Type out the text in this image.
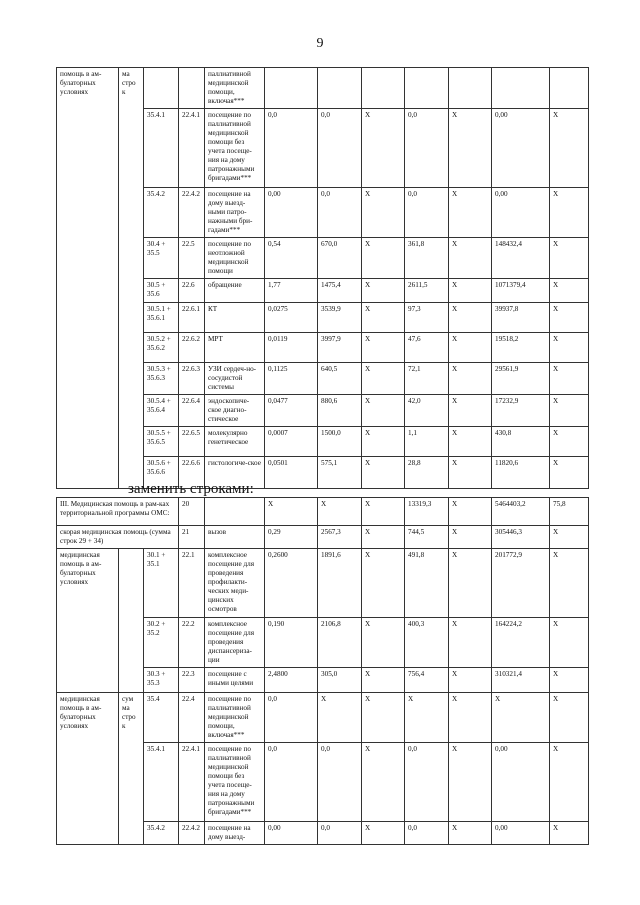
9
помощь в ам-булаторных условиях	ма стро к			паллиативной медицинской помощи, включая***							
		35.4.1	22.4.1	посещение по паллиативной медицинской помощи без учета посеще-ния на дому патронажными бригадами***	0,0	0,0	X	0,0	X	0,00	X
		35.4.2	22.4.2	посещение на дому выезд-ными патро-нажными бри-гадами***	0,00	0,0	X	0,0	X	0,00	X
		30.4 + 35.5	22.5	посещение по неотложной медицинской помощи	0,54	670,0	X	361,8	X	148432,4	X
		30.5 + 35.6	22.6	обращение	1,77	1475,4	X	2611,5	X	1071379,4	X
		30.5.1 + 35.6.1	22.6.1	КТ	0,0275	3539,9	X	97,3	X	39937,8	X
		30.5.2 + 35.6.2	22.6.2	МРТ	0,0119	3997,9	X	47,6	X	19518,2	X
		30.5.3 + 35.6.3	22.6.3	УЗИ сердеч-но-сосудистой системы	0,1125	640,5	X	72,1	X	29561,9	X
		30.5.4 + 35.6.4	22.6.4	эндоскопиче-ское диагно-стическое	0,0477	880,6	X	42,0	X	17232,9	X
		30.5.5 + 35.6.5	22.6.5	молекулярно генетическое	0,0007	1500,0	X	1,1	X	430,8	X
		30.5.6 + 35.6.6	22.6.6	гистологиче-ское	0,0501	575,1	X	28,8	X	11820,6	X
заменить строками:
III. Медицинская помощь в рам-ках территориальной программы ОМС:			20		X	X	X	13319,3	X	5464403,2	75,8
скорая медицинская помощь (сумма строк 29 + 34)			21	вызов	0,29	2567,3	X	744,5	X	305446,3	X
медицинская помощь в ам-булаторных условиях		30.1 + 35.1	22.1	комплексное посещение для проведения профилакти-ческих меди-цинских осмотров	0,2600	1891,6	X	491,8	X	201772,9	X
		30.2 + 35.2	22.2	комплексное посещение для проведения диспансериза-ции	0,190	2106,8	X	400,3	X	164224,2	X
		30.3 + 35.3	22.3	посещение с иными целями	2,4800	305,0	X	756,4	X	310321,4	X
медицинская помощь в ам-булаторных условиях	сум ма стро к	35.4	22.4	посещение по паллиативной медицинской помощи, включая***	0,0	X	X	X	X	X	X
		35.4.1	22.4.1	посещение по паллиативной медицинской помощи без учета посеще-ния на дому патронажными бригадами***	0,0	0,0	X	0,0	X	0,00	X
		35.4.2	22.4.2	посещение на дому выезд-	0,00	0,0	X	0,0	X	0,00	X
